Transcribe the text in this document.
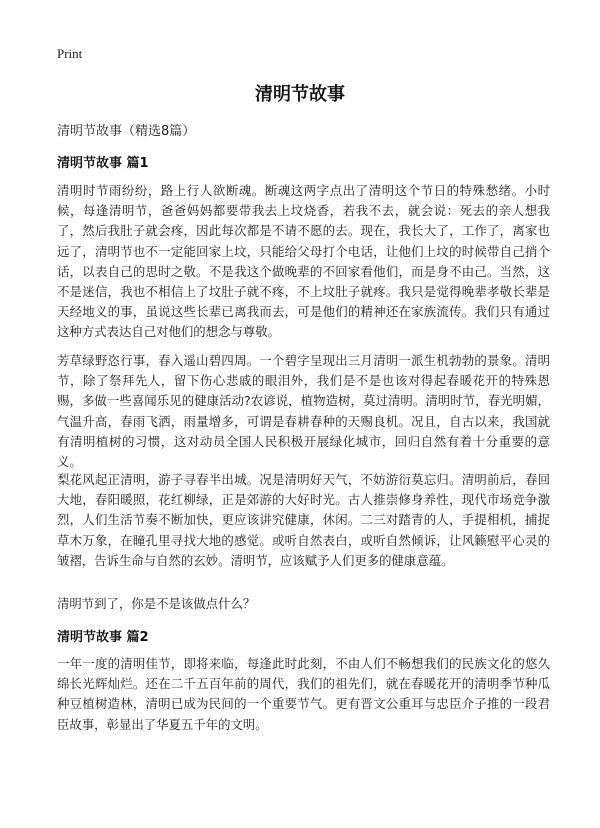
Print
清明节故事
清明节故事（精选8篇）
清明节故事 篇1

清明时节雨纷纷，路上行人欲断魂。断魂这两字点出了清明这个节日的特殊愁绪。小时候，每逢清明节，爸爸妈妈都要带我去上坟烧香，若我不去，就会说：死去的亲人想我了，然后我肚子就会疼，因此每次都是不请不愿的去。现在，我长大了，工作了，离家也远了，清明节也不一定能回家上坟，只能给父母打个电话，让他们上坟的时候带自己捎个话，以表自己的思时之敬。不是我这个做晚辈的不回家看他们，而是身不由己。当然，这不是迷信，我也不相信上了坟肚子就不疼，不上坟肚子就疼。我只是觉得晚辈孝敬长辈是天经地义的事，虽说这些长辈已离我而去，可是他们的精神还在家族流传。我们只有通过这种方式表达自己对他们的想念与尊敬。

芳草绿野恣行事，春入遥山碧四周。一个碧字呈现出三月清明一派生机勃勃的景象。清明节，除了祭拜先人，留下伤心悲戚的眼泪外，我们是不是也该对得起春暖花开的特殊恩赐，多做一些喜闻乐见的健康活动?农谚说，植物造树，莫过清明。清明时节，春光明媚，气温升高，春雨飞洒，雨量增多，可谓是春耕春种的天赐良机。况且，自古以来，我国就有清明植树的习惯，这对动员全国人民积极开展绿化城市，回归自然有着十分重要的意义。

梨花风起正清明，游子寻春半出城。况是清明好天气，不妨游衍莫忘归。清明前后，春回大地，春阳暖照，花红柳绿，正是郊游的大好时光。古人推崇修身养性，现代市场竞争激烈，人们生活节奏不断加快，更应该讲究健康，休闲。二三对踏青的人，手提相机，捕捉草木万象，在瞳孔里寻找大地的感觉。或听自然表白，或听自然倾诉，让风籁慰平心灵的皱褶，告诉生命与自然的玄妙。清明节，应该赋予人们更多的健康意蕴。

清明节到了，你是不是该做点什么？

清明节故事 篇2

一年一度的清明佳节，即将来临，每逢此时此刻，不由人们不畅想我们的民族文化的悠久绵长光辉灿烂。还在二千五百年前的周代，我们的祖先们，就在春暖花开的清明季节种瓜种豆植树造林，清明已成为民间的一个重要节气。更有晋文公重耳与忠臣介子推的一段君臣故事，彰显出了华夏五千年的文明。
